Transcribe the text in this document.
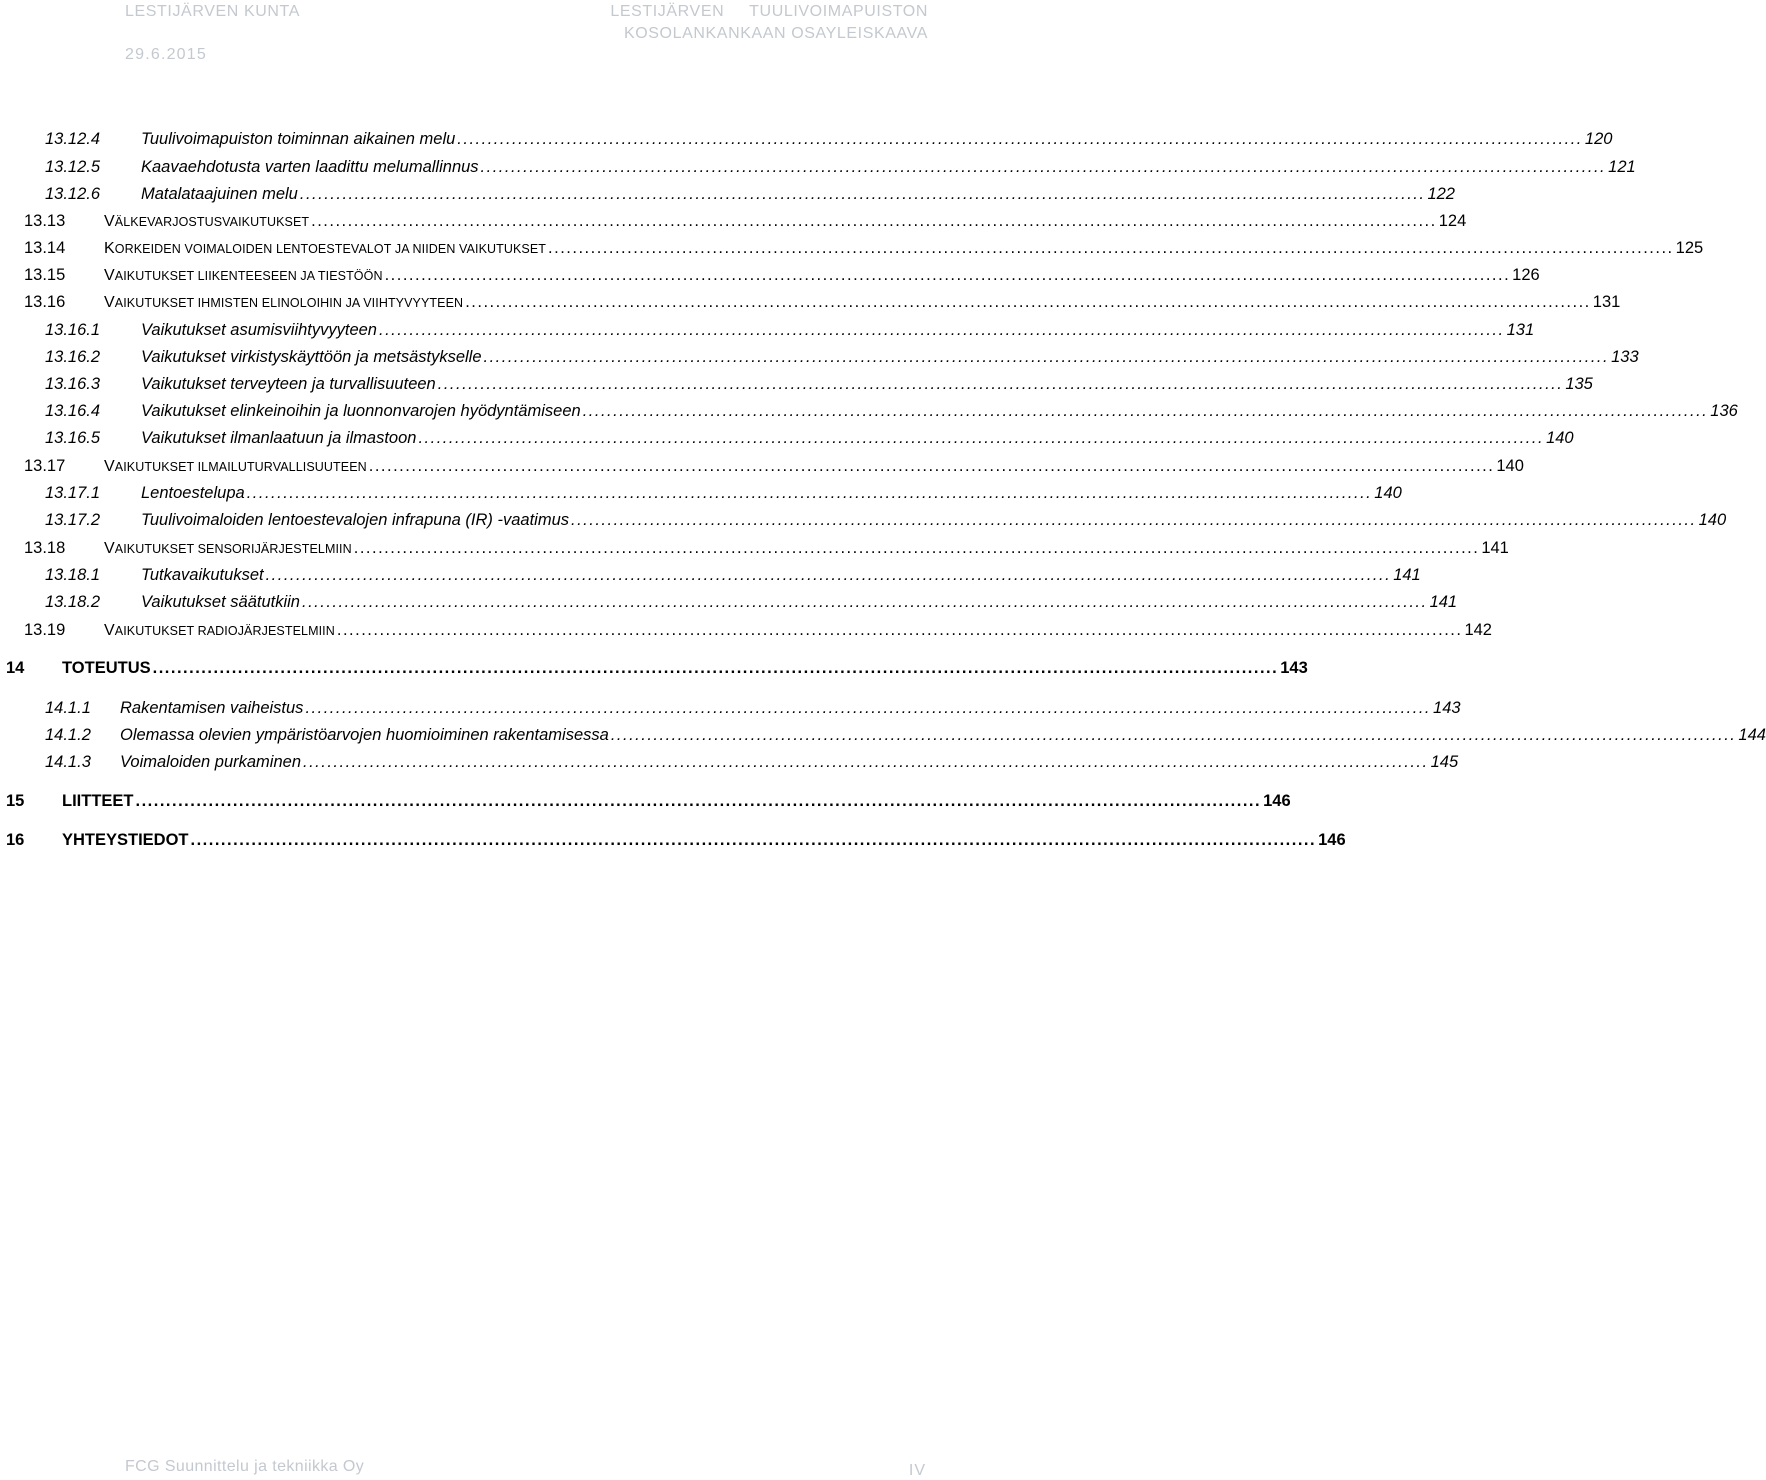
LESTIJÄRVEN KUNTA
29.6.2015
LESTIJÄRVEN     TUULIVOIMAPUISTON
KOSOLANKANKAAN OSAYLEISKAAVA
13.12.4 Tuulivoimapuiston toiminnan aikainen melu ......................................................................................................................................................................................... 120
13.12.5 Kaavaehdotusta varten laadittu melumallinnus ......................................................................................................................................................................................... 121
13.12.6 Matalataajuinen melu ......................................................................................................................................................................................... 122
13.13 VÄLKEVARJOSTUSVAIKUTUKSET ......................................................................................................................................................................................... 124
13.14 KORKEIDEN VOIMALOIDEN LENTOESTEVALOT JA NIIDEN VAIKUTUKSET ......................................................................................................................................................................................... 125
13.15 VAIKUTUKSET LIIKENTEESEEN JA TIESTÖÖN ......................................................................................................................................................................................... 126
13.16 VAIKUTUKSET IHMISTEN ELINOLOIHIN JA VIIHTYVYYTEEN ......................................................................................................................................................................................... 131
13.16.1 Vaikutukset asumisviihtyvyyteen ......................................................................................................................................................................................... 131
13.16.2 Vaikutukset virkistyskäyttöön ja metsästykselle ......................................................................................................................................................................................... 133
13.16.3 Vaikutukset terveyteen ja turvallisuuteen ......................................................................................................................................................................................... 135
13.16.4 Vaikutukset elinkeinoihin ja luonnonvarojen hyödyntämiseen ......................................................................................................................................................................................... 136
13.16.5 Vaikutukset ilmanlaatuun ja ilmastoon ......................................................................................................................................................................................... 140
13.17 VAIKUTUKSET ILMAILUTURVALLISUUTEEN ......................................................................................................................................................................................... 140
13.17.1 Lentoestelupa ......................................................................................................................................................................................... 140
13.17.2 Tuulivoimaloiden lentoestevalojen infrapuna (IR) -vaatimus ......................................................................................................................................................................................... 140
13.18 VAIKUTUKSET SENSORIJÄRJESTELMIIN ......................................................................................................................................................................................... 141
13.18.1 Tutkavaikutukset ......................................................................................................................................................................................... 141
13.18.2 Vaikutukset säätutkiin ......................................................................................................................................................................................... 141
13.19 VAIKUTUKSET RADIOJÄRJESTELMIIN ......................................................................................................................................................................................... 142
14 TOTEUTUS ......................................................................................................................................................................................... 143
14.1.1 Rakentamisen vaiheistus ......................................................................................................................................................................................... 143
14.1.2 Olemassa olevien ympäristöarvojen huomioiminen rakentamisessa ......................................................................................................................................................................................... 144
14.1.3 Voimaloiden purkaminen ......................................................................................................................................................................................... 145
15 LIITTEET ......................................................................................................................................................................................... 146
16 YHTEYSTIEDOT ......................................................................................................................................................................................... 146
FCG Suunnittelu ja tekniikka Oy	IV
